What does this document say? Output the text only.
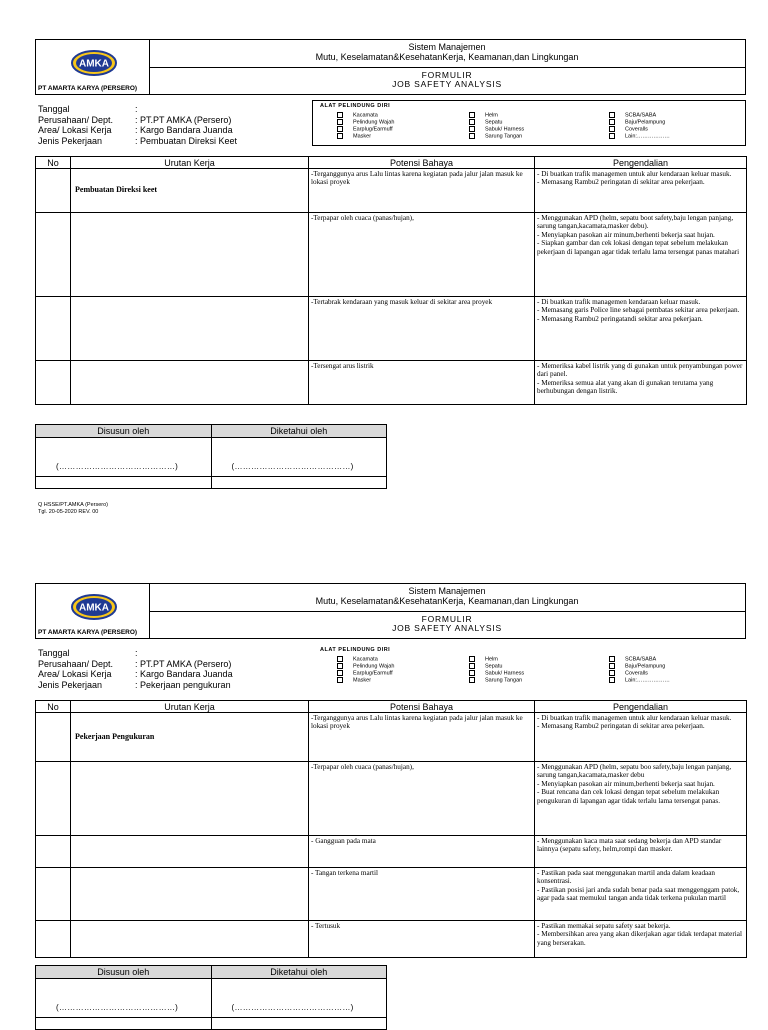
AMKA
PT AMARTA KARYA (PERSERO)
Sistem Manajemen
Mutu, Keselamatan&KesehatanKerja, Keamanan,dan Lingkungan
FORMULIR
JOB SAFETY ANALYSIS
Tanggal	:
Perusahaan/ Dept. : PT.PT AMKA (Persero)
Area/ Lokasi Kerja	: Kargo Bandara Juanda
Jenis Pekerjaan	: Pembuatan Direksi Keet
ALAT PELINDUNG DIRI
Kacamata
Pelindung Wajah
Earplug/Earmuff
Masker
Helm
Sepatu
Sabuk/ Harness
Sarung Tangan
SCBA/SABA
Baju/Pelampung
Coveralls
Lain:………………
No	Urutan Kerja	Potensi Bahaya	Pengendalian
	Pembuatan Direksi keet	-Terganggunya arus Lalu lintas karena kegiatan pada jalur jalan masuk ke lokasi proyek	- Di buatkan trafik managemen untuk alur kendaraan keluar masuk.
- Memasang Rambu2 peringatan di sekitar area pekerjaan.
		-Terpapar oleh cuaca (panas/hujan),	- Menggunakan APD (helm, sepatu boot safety,baju lengan panjang, sarung tangan,kacamata,masker debu).
- Menyiapkan pasokan air minum,berhenti bekerja saat hujan.
- Siapkan gambar dan cek lokasi dengan tepat sebelum melakukan pekerjaan di lapangan agar tidak terlalu lama tersengat panas matahari
		-Tertabrak kendaraan yang masuk keluar di sekitar area proyek	- Di buatkan trafik managemen kendaraan keluar masuk.
- Memasang garis Police line sebagai pembatas sekitar area pekerjaan.
- Memasang Rambu2 peringatandi sekitar area pekerjaan.
		-Tersengat arus listrik	- Memeriksa kabel listrik yang di gunakan untuk penyambungan power dari panel.
- Memeriksa semua alat yang akan di gunakan terutama yang berhubungan dengan listrik.
Disusun oleh	Diketahui oleh
(……………………………………)	(……………………………………)

Q HSSE/PT.AMKA (Persero)
Tgl. 20-05-2020 REV. 00
AMKA
PT AMARTA KARYA (PERSERO)
Sistem Manajemen
Mutu, Keselamatan&KesehatanKerja, Keamanan,dan Lingkungan
FORMULIR
JOB SAFETY ANALYSIS
Tanggal	:
Perusahaan/ Dept. : PT.PT AMKA (Persero)
Area/ Lokasi Kerja	: Kargo Bandara Juanda
Jenis Pekerjaan	: Pekerjaan pengukuran
ALAT PELINDUNG DIRI
Kacamata
Pelindung Wajah
Earplug/Earmuff
Masker
Helm
Sepatu
Sabuk/ Harness
Sarung Tangan
SCBA/SABA
Baju/Pelampung
Coveralls
Lain:………………
No	Urutan Kerja	Potensi Bahaya	Pengendalian
	Pekerjaan Pengukuran	-Terganggunya arus Lalu lintas karena kegiatan pada jalur jalan masuk ke lokasi proyek	- Di buatkan trafik managemen untuk alur kendaraan keluar masuk.
- Memasang Rambu2 peringatan di sekitar area pekerjaan.
		-Terpapar oleh cuaca (panas/hujan),	- Menggunakan APD (helm, sepatu boo safety,baju lengan panjang, sarung tangan,kacamata,masker debu
- Menyiapkan pasokan air minum,berhenti bekerja saat hujan.
- Buat rencana dan cek lokasi dengan tepat sebelum melakukan pengukuran di lapangan agar tidak terlalu lama tersengat panas.
		- Gangguan pada mata	- Menggunakan kaca mata saat sedang bekerja dan APD standar lainnya (sepatu safety, helm,rompi dan masker.
		- Tangan terkena martil	- Pastikan pada saat menggunakan martil anda dalam keadaan konsentrasi.
- Pastikan posisi jari anda sudah benar pada saat menggenggam patok, agar pada saat memukul tangan anda tidak terkena pukulan martil
		- Tertusuk	- Pastikan memakai sepatu safety saat bekerja.
- Membersihkan area yang akan dikerjakan agar tidak terdapat material yang berserakan.
Disusun oleh	Diketahui oleh
(……………………………………)	(……………………………………)
